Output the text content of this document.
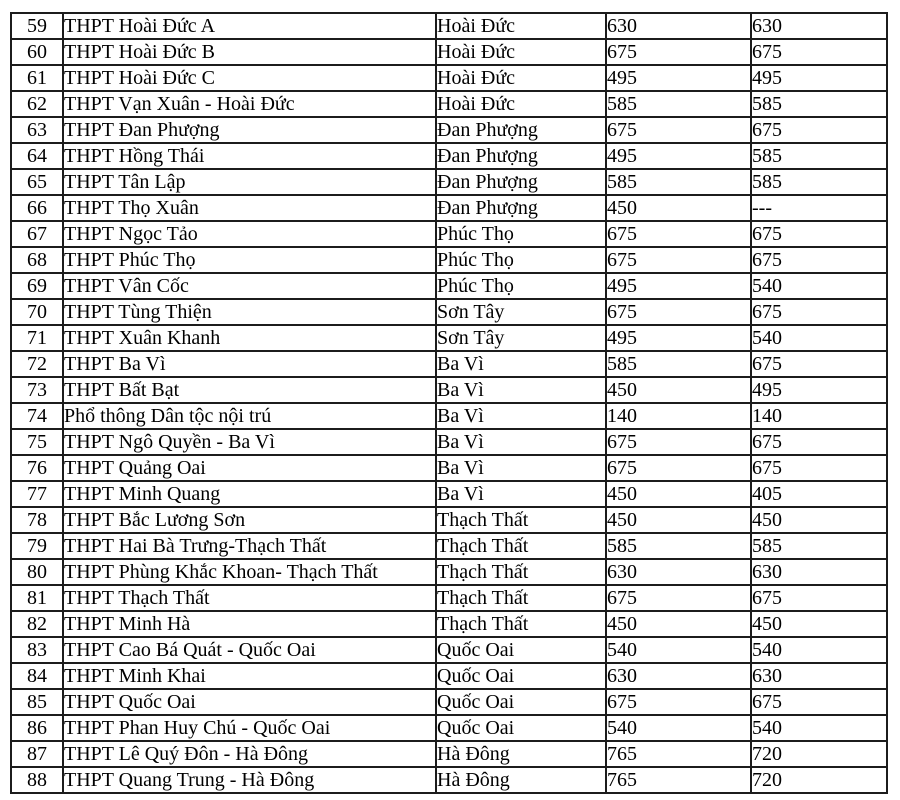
59	THPT Hoài Đức A	Hoài Đức	630	630
60	THPT Hoài Đức B	Hoài Đức	675	675
61	THPT Hoài Đức C	Hoài Đức	495	495
62	THPT Vạn Xuân - Hoài Đức	Hoài Đức	585	585
63	THPT Đan Phượng	Đan Phượng	675	675
64	THPT Hồng Thái	Đan Phượng	495	585
65	THPT Tân Lập	Đan Phượng	585	585
66	THPT Thọ Xuân	Đan Phượng	450	---
67	THPT Ngọc Tảo	Phúc Thọ	675	675
68	THPT Phúc Thọ	Phúc Thọ	675	675
69	THPT Vân Cốc	Phúc Thọ	495	540
70	THPT Tùng Thiện	Sơn Tây	675	675
71	THPT Xuân Khanh	Sơn Tây	495	540
72	THPT Ba Vì	Ba Vì	585	675
73	THPT Bất Bạt	Ba Vì	450	495
74	Phổ thông Dân tộc nội trú	Ba Vì	140	140
75	THPT Ngô Quyền - Ba Vì	Ba Vì	675	675
76	THPT Quảng Oai	Ba Vì	675	675
77	THPT Minh Quang	Ba Vì	450	405
78	THPT Bắc Lương Sơn	Thạch Thất	450	450
79	THPT Hai Bà Trưng-Thạch Thất	Thạch Thất	585	585
80	THPT Phùng Khắc Khoan- Thạch Thất	Thạch Thất	630	630
81	THPT Thạch Thất	Thạch Thất	675	675
82	THPT Minh Hà	Thạch Thất	450	450
83	THPT Cao Bá Quát - Quốc Oai	Quốc Oai	540	540
84	THPT Minh Khai	Quốc Oai	630	630
85	THPT Quốc Oai	Quốc Oai	675	675
86	THPT Phan Huy Chú - Quốc Oai	Quốc Oai	540	540
87	THPT Lê Quý Đôn - Hà Đông	Hà Đông	765	720
88	THPT Quang Trung - Hà Đông	Hà Đông	765	720
